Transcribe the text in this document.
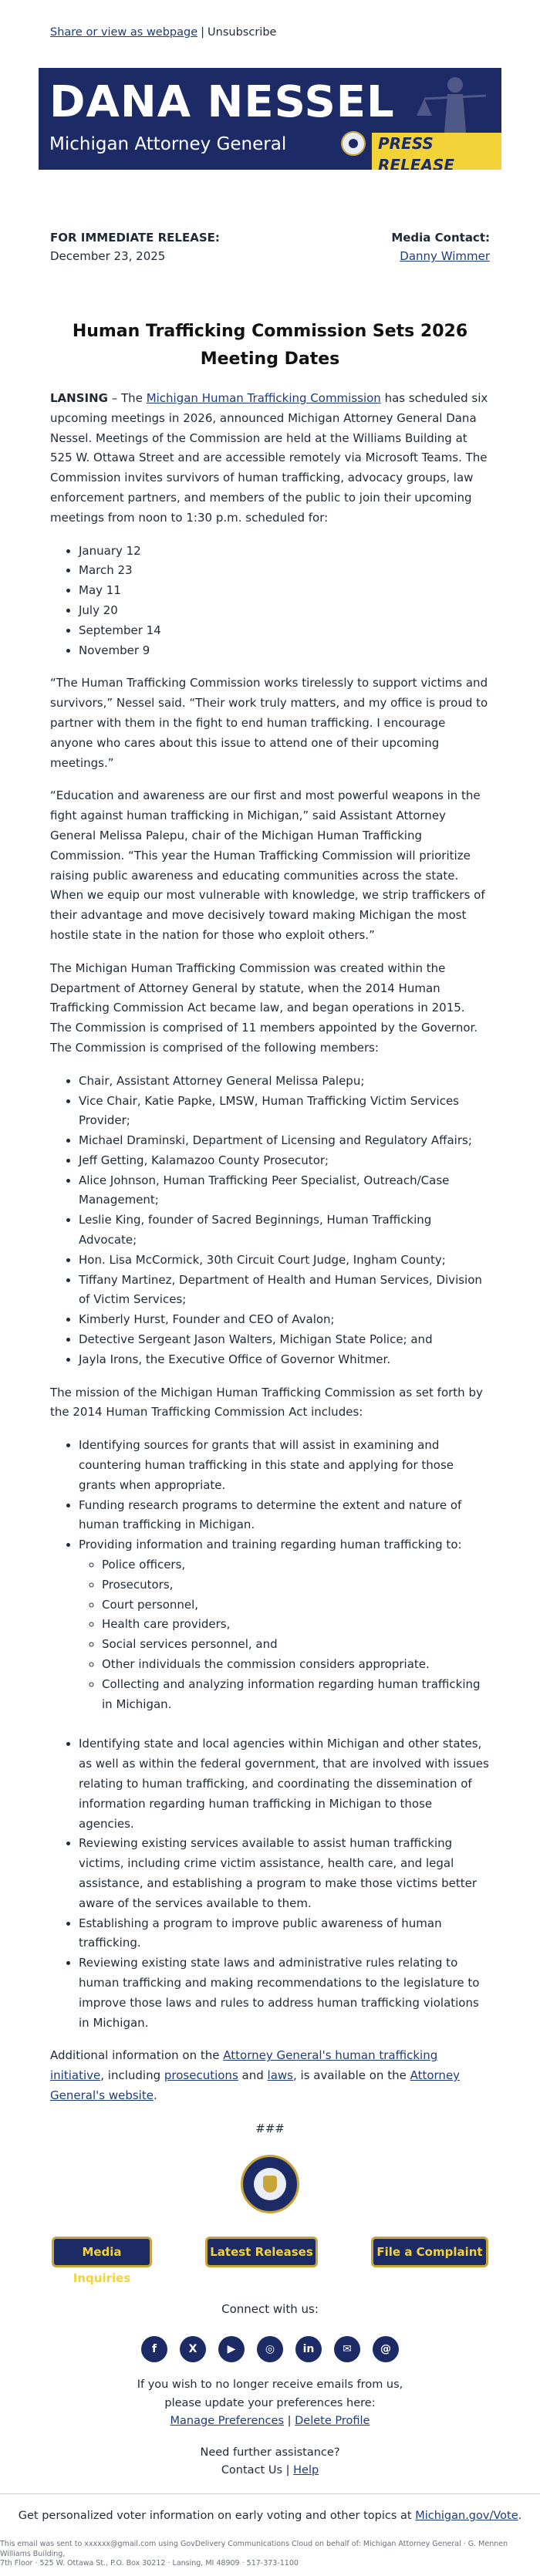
Share or view as webpage | Unsubscribe
DANA NESSEL
Michigan Attorney General	PRESS RELEASE
FOR IMMEDIATE RELEASE:
December 23, 2025
Media Contact:
Danny Wimmer
Human Trafficking Commission Sets 2026 Meeting Dates

LANSING – The Michigan Human Trafficking Commission has scheduled six upcoming meetings in 2026, announced Michigan Attorney General Dana Nessel. Meetings of the Commission are held at the Williams Building at 525 W. Ottawa Street and are accessible remotely via Microsoft Teams. The Commission invites survivors of human trafficking, advocacy groups, law enforcement partners, and members of the public to join their upcoming meetings from noon to 1:30 p.m. scheduled for:

• January 12
• March 23
• May 11
• July 20
• September 14
• November 9

“The Human Trafficking Commission works tirelessly to support victims and survivors,” Nessel said. “Their work truly matters, and my office is proud to partner with them in the fight to end human trafficking. I encourage anyone who cares about this issue to attend one of their upcoming meetings.”

“Education and awareness are our first and most powerful weapons in the fight against human trafficking in Michigan,” said Assistant Attorney General Melissa Palepu, chair of the Michigan Human Trafficking Commission. “This year the Human Trafficking Commission will prioritize raising public awareness and educating communities across the state. When we equip our most vulnerable with knowledge, we strip traffickers of their advantage and move decisively toward making Michigan the most hostile state in the nation for those who exploit others.”

The Michigan Human Trafficking Commission was created within the Department of Attorney General by statute, when the 2014 Human Trafficking Commission Act became law, and began operations in 2015. The Commission is comprised of 11 members appointed by the Governor. The Commission is comprised of the following members:

• Chair, Assistant Attorney General Melissa Palepu;
• Vice Chair, Katie Papke, LMSW, Human Trafficking Victim Services Provider;
• Michael Draminski, Department of Licensing and Regulatory Affairs;
• Jeff Getting, Kalamazoo County Prosecutor;
• Alice Johnson, Human Trafficking Peer Specialist, Outreach/Case Management;
• Leslie King, founder of Sacred Beginnings, Human Trafficking Advocate;
• Hon. Lisa McCormick, 30th Circuit Court Judge, Ingham County;
• Tiffany Martinez, Department of Health and Human Services, Division of Victim Services;
• Kimberly Hurst, Founder and CEO of Avalon;
• Detective Sergeant Jason Walters, Michigan State Police; and
• Jayla Irons, the Executive Office of Governor Whitmer.

The mission of the Michigan Human Trafficking Commission as set forth by the 2014 Human Trafficking Commission Act includes:

• Identifying sources for grants that will assist in examining and countering human trafficking in this state and applying for those grants when appropriate.
• Funding research programs to determine the extent and nature of human trafficking in Michigan.
• Providing information and training regarding human trafficking to:
◦ Police officers,
◦ Prosecutors,
◦ Court personnel,
◦ Health care providers,
◦ Social services personnel, and
◦ Other individuals the commission considers appropriate.
◦ Collecting and analyzing information regarding human trafficking in Michigan.
• Identifying state and local agencies within Michigan and other states, as well as within the federal government, that are involved with issues relating to human trafficking, and coordinating the dissemination of information regarding human trafficking in Michigan to those agencies.
• Reviewing existing services available to assist human trafficking victims, including crime victim assistance, health care, and legal assistance, and establishing a program to make those victims better aware of the services available to them.
• Establishing a program to improve public awareness of human trafficking.
• Reviewing existing state laws and administrative rules relating to human trafficking and making recommendations to the legislature to improve those laws and rules to address human trafficking violations in Michigan.

Additional information on the Attorney General's human trafficking initiative, including prosecutions and laws, is available on the Attorney General's website.

###
Media Inquiries
Latest Releases	File a Complaint
Connect with us:
f	X	▶	◎	in	✉	@
If you wish to no longer receive emails from us,
please update your preferences here:
Manage Preferences | Delete Profile
Need further assistance?
Contact Us | Help
Get personalized voter information on early voting and other topics at Michigan.gov/Vote.
This email was sent to xxxxxx@gmail.com using GovDelivery Communications Cloud on behalf of: Michigan Attorney General · G. Mennen Williams Building,
7th Floor · 525 W. Ottawa St., P.O. Box 30212 · Lansing, MI 48909 · 517-373-1100
